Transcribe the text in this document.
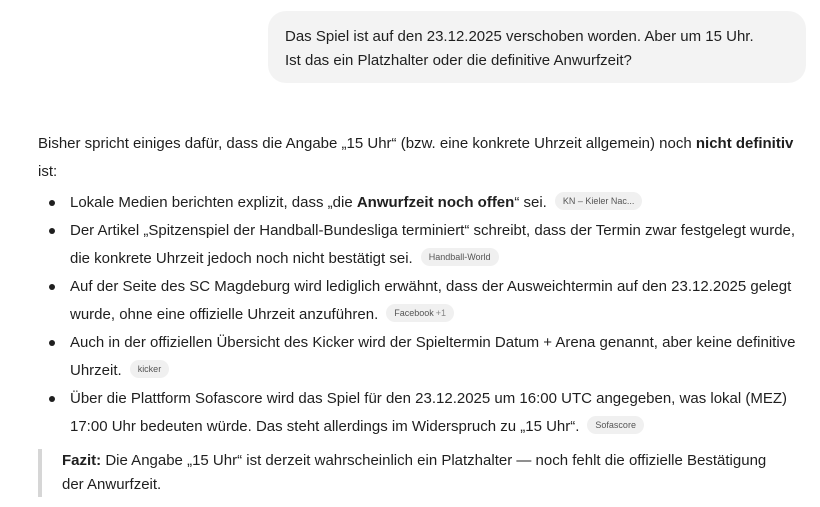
Das Spiel ist auf den 23.12.2025 verschoben worden. Aber um 15 Uhr.
Ist das ein Platzhalter oder die definitive Anwurfzeit?

Bisher spricht einiges dafür, dass die Angabe „15 Uhr“ (bzw. eine konkrete Uhrzeit allgemein) noch nicht definitiv ist:

Lokale Medien berichten explizit, dass „die Anwurfzeit noch offen“ sei. KN – Kieler Nac...
Der Artikel „Spitzenspiel der Handball-Bundesliga terminiert“ schreibt, dass der Termin zwar festgelegt wurde, die konkrete Uhrzeit jedoch noch nicht bestätigt sei. Handball-World
Auf der Seite des SC Magdeburg wird lediglich erwähnt, dass der Ausweichtermin auf den 23.12.2025 gelegt wurde, ohne eine offizielle Uhrzeit anzuführen. Facebook +1
Auch in der offiziellen Übersicht des Kicker wird der Spieltermin Datum + Arena genannt, aber keine definitive Uhrzeit. kicker
Über die Plattform Sofascore wird das Spiel für den 23.12.2025 um 16:00 UTC angegeben, was lokal (MEZ) 17:00 Uhr bedeuten würde. Das steht allerdings im Widerspruch zu „15 Uhr“. Sofascore
Fazit: Die Angabe „15 Uhr“ ist derzeit wahrscheinlich ein Platzhalter — noch fehlt die offizielle Bestätigung der Anwurfzeit.
